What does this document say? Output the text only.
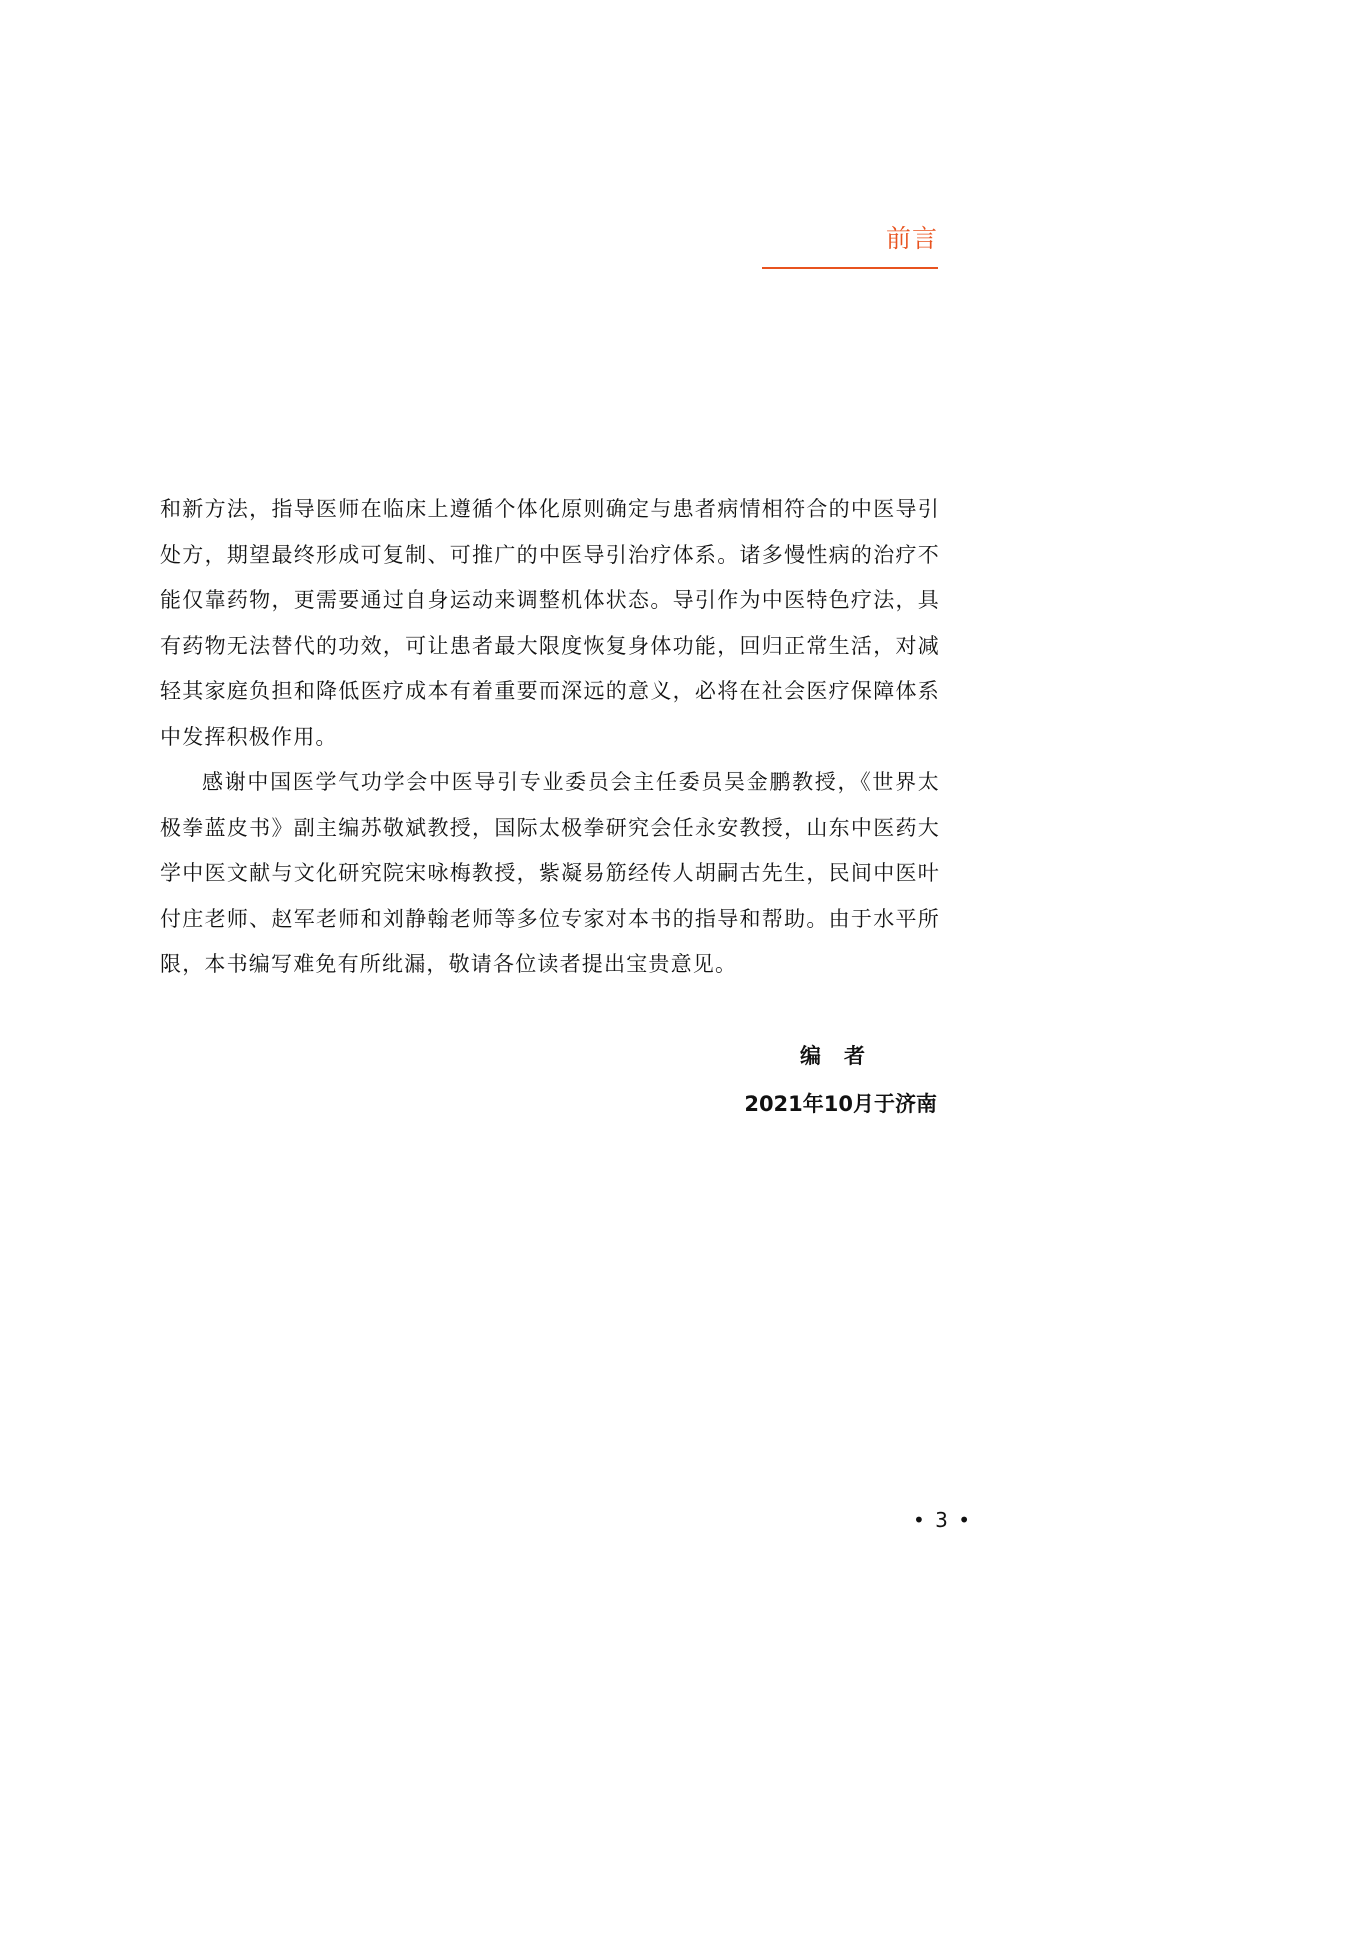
前言

和新方法，指导医师在临床上遵循个体化原则确定与患者病情相符合的中医导引处方，期望最终形成可复制、可推广的中医导引治疗体系。诸多慢性病的治疗不能仅靠药物，更需要通过自身运动来调整机体状态。导引作为中医特色疗法，具有药物无法替代的功效，可让患者最大限度恢复身体功能，回归正常生活，对减轻其家庭负担和降低医疗成本有着重要而深远的意义，必将在社会医疗保障体系中发挥积极作用。

感谢中国医学气功学会中医导引专业委员会主任委员吴金鹏教授，《世界太极拳蓝皮书》副主编苏敬斌教授，国际太极拳研究会任永安教授，山东中医药大学中医文献与文化研究院宋咏梅教授，紫凝易筋经传人胡嗣古先生，民间中医叶付庄老师、赵军老师和刘静翰老师等多位专家对本书的指导和帮助。由于水平所限，本书编写难免有所纰漏，敬请各位读者提出宝贵意见。

编　者
2021年10月于济南
• 3 •
